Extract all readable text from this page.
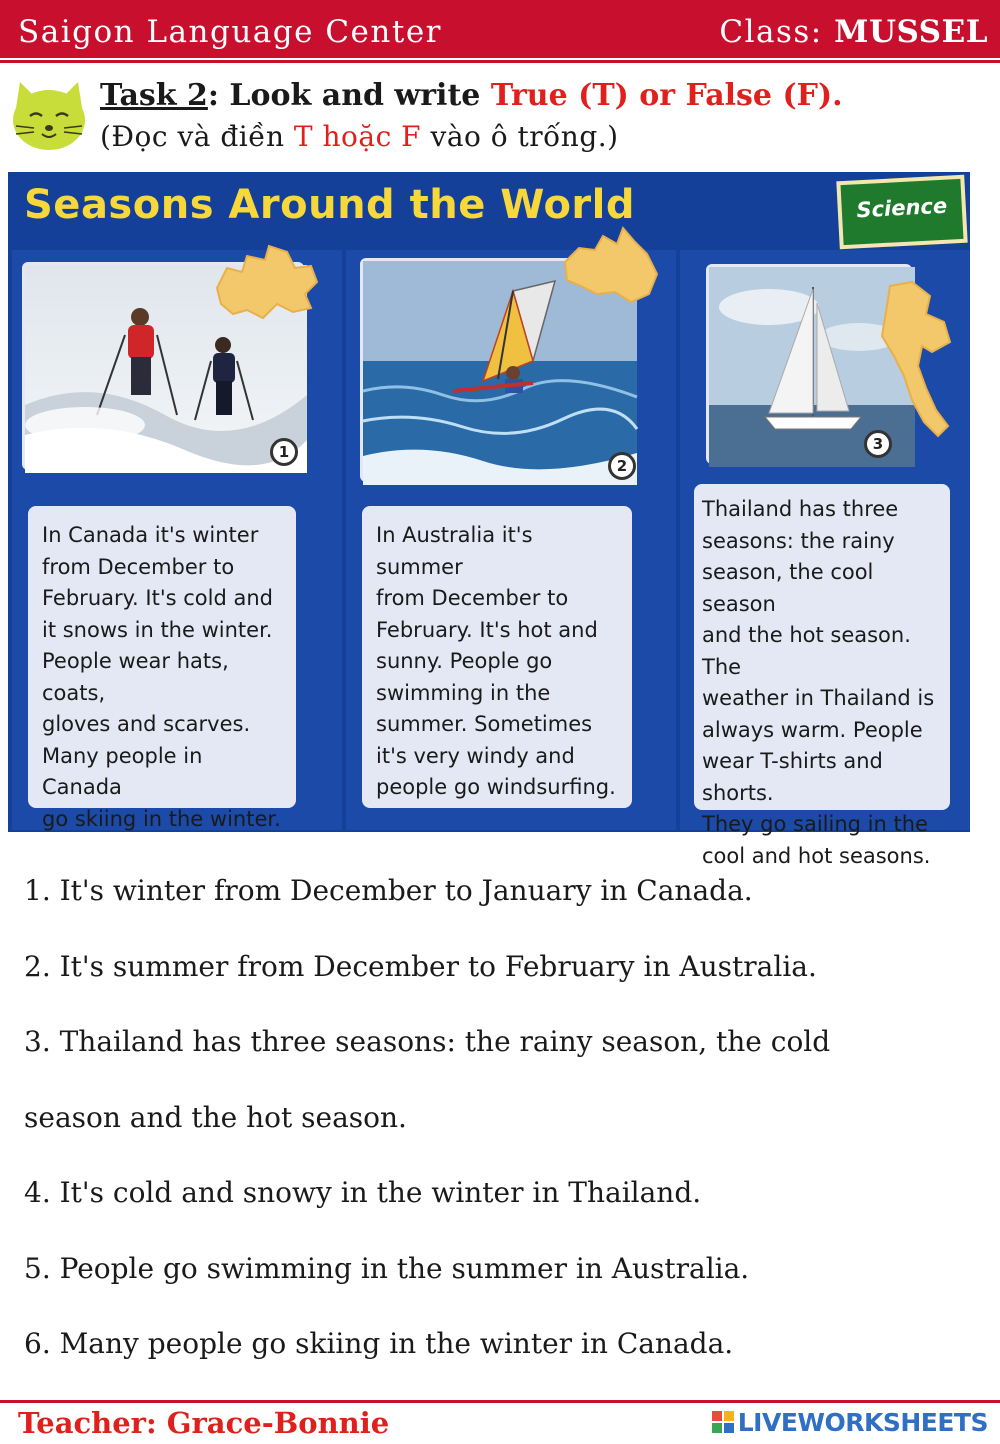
Saigon Language Center	Class: MUSSEL
Task 2: Look and write True (T) or False (F).
(Đọc và điền T hoặc F vào ô trống.)
Seasons Around the World	Science
1
In Canada it's winter
from December to
February. It's cold and
it snows in the winter.
People wear hats, coats,
gloves and scarves.
Many people in Canada
go skiing in the winter.
2
In Australia it's summer
from December to
February. It's hot and
sunny. People go
swimming in the
summer. Sometimes
it's very windy and
people go windsurfing.
3
Thailand has three
seasons: the rainy
season, the cool season
and the hot season. The
weather in Thailand is
always warm. People
wear T-shirts and shorts.
They go sailing in the
cool and hot seasons.
1. It's winter from December to January in Canada.
2. It's summer from December to February in Australia.
3. Thailand has three seasons: the rainy season, the cold
season and the hot season.
4. It's cold and snowy in the winter in Thailand.
5. People go swimming in the summer in Australia.
6. Many people go skiing in the winter in Canada.
Teacher: Grace-Bonnie	LIVEWORKSHEETS
